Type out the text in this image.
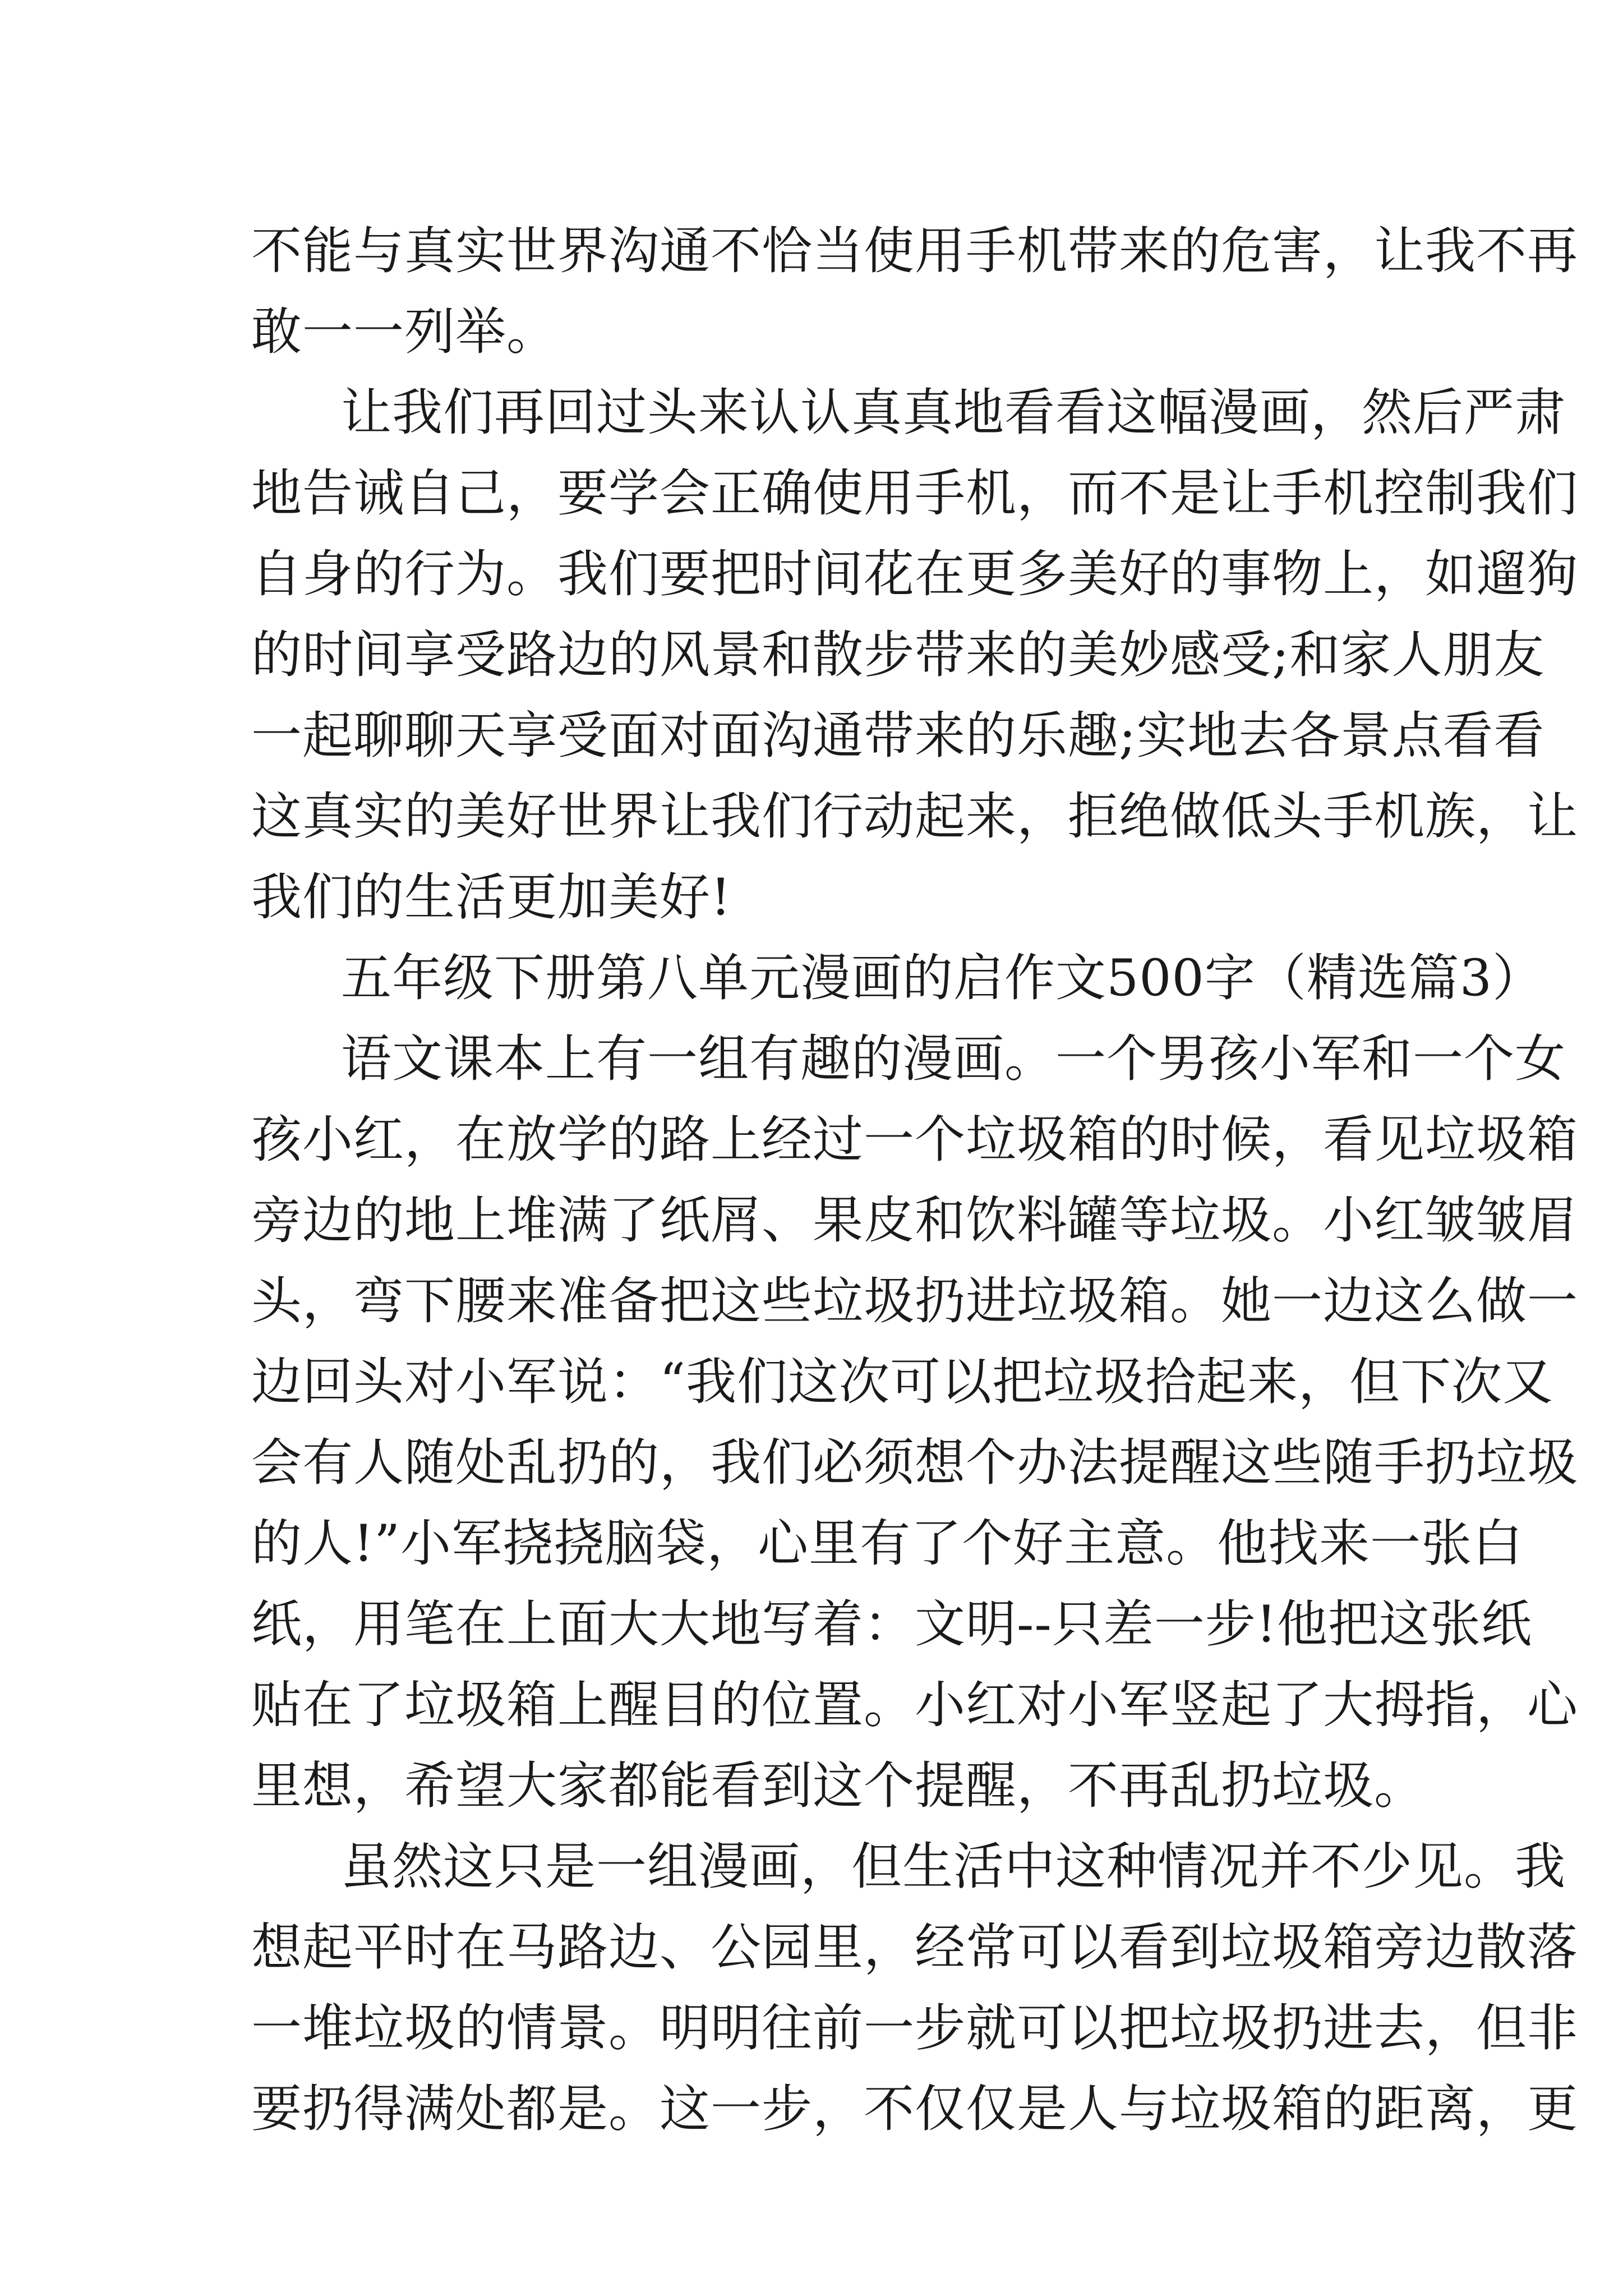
不能与真实世界沟通不恰当使用手机带来的危害，让我不再
敢一一列举。
让我们再回过头来认认真真地看看这幅漫画，然后严肃
地告诫自己，要学会正确使用手机，而不是让手机控制我们
自身的行为。我们要把时间花在更多美好的事物上，如遛狗
的时间享受路边的风景和散步带来的美妙感受;和家人朋友
一起聊聊天享受面对面沟通带来的乐趣;实地去各景点看看
这真实的美好世界让我们行动起来，拒绝做低头手机族，让
我们的生活更加美好!
五年级下册第八单元漫画的启作文500字（精选篇3）
语文课本上有一组有趣的漫画。一个男孩小军和一个女
孩小红，在放学的路上经过一个垃圾箱的时候，看见垃圾箱
旁边的地上堆满了纸屑、果皮和饮料罐等垃圾。小红皱皱眉
头，弯下腰来准备把这些垃圾扔进垃圾箱。她一边这么做一
边回头对小军说：“我们这次可以把垃圾拾起来，但下次又
会有人随处乱扔的，我们必须想个办法提醒这些随手扔垃圾
的人!”小军挠挠脑袋，心里有了个好主意。他找来一张白
纸，用笔在上面大大地写着：文明--只差一步!他把这张纸
贴在了垃圾箱上醒目的位置。小红对小军竖起了大拇指，心
里想，希望大家都能看到这个提醒，不再乱扔垃圾。
虽然这只是一组漫画，但生活中这种情况并不少见。我
想起平时在马路边、公园里，经常可以看到垃圾箱旁边散落
一堆垃圾的情景。明明往前一步就可以把垃圾扔进去，但非
要扔得满处都是。这一步，不仅仅是人与垃圾箱的距离，更
